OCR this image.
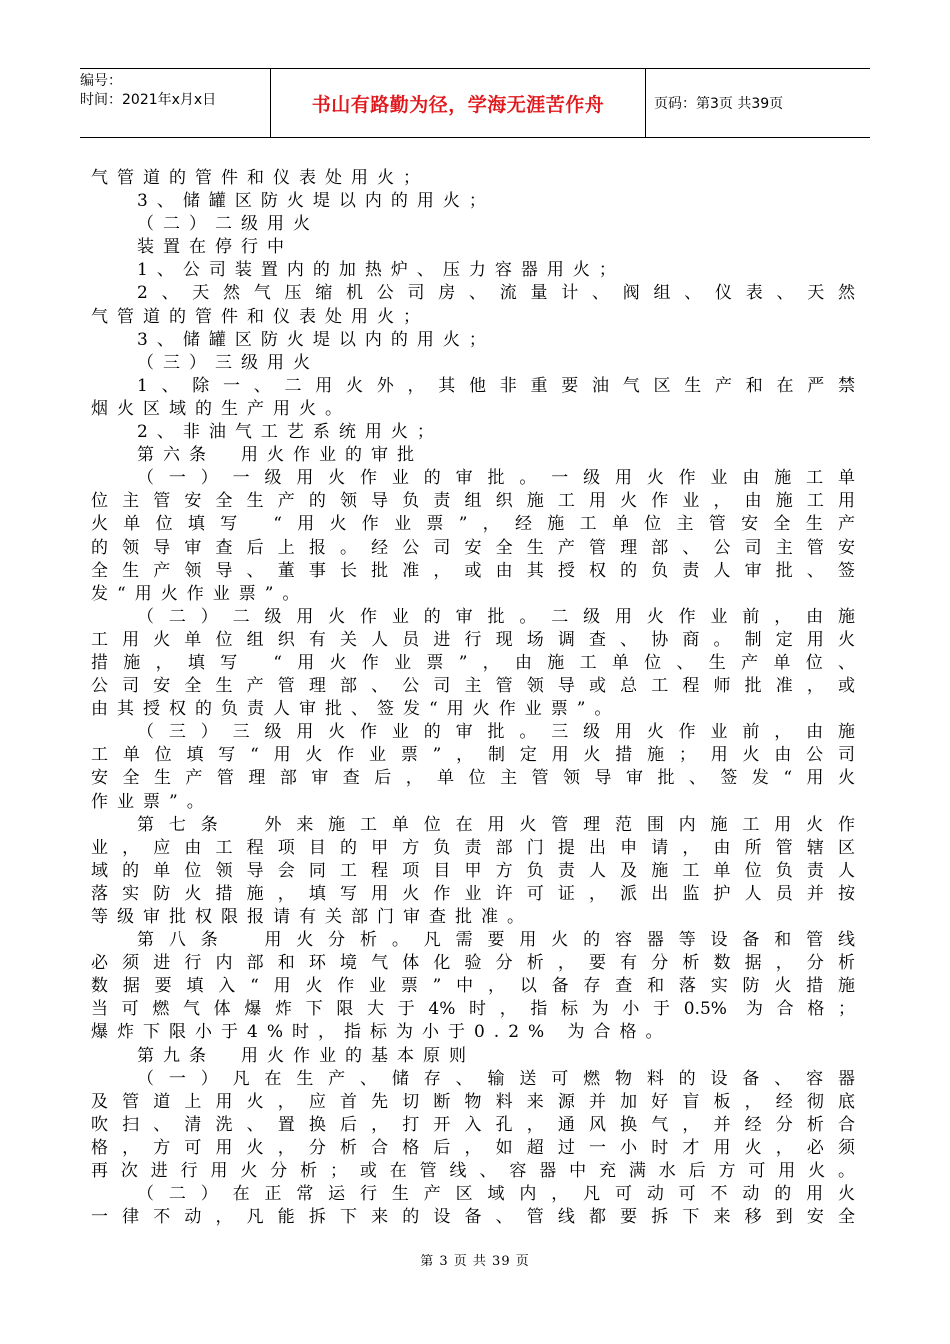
编号：
时间：2021年x月x日	书山有路勤为径，学海无涯苦作舟	页码：第3页 共39页
气管道的管件和仪表处用火；
3、储罐区防火堤以内的用火；
（二）二级用火
装置在停行中
1、公司装置内的加热炉、压力容器用火；
2、天然气压缩机公司房、流量计、阀组、仪表、天然
气管道的管件和仪表处用火；
3、储罐区防火堤以内的用火；
（三）三级用火
1、除一、二用火外，其他非重要油气区生产和在严禁
烟火区域的生产用火。
2、非油气工艺系统用火；
第六条　用火作业的审批
（一）一级用火作业的审批。一级用火作业由施工单
位主管安全生产的领导负责组织施工用火作业，由施工用
火单位填写 “用火作业票”，经施工单位主管安全生产
的领导审查后上报。经公司安全生产管理部、公司主管安
全生产领导、董事长批准，或由其授权的负责人审批、签
发“用火作业票”。
（二）二级用火作业的审批。二级用火作业前，由施
工用火单位组织有关人员进行现场调查、协商。制定用火
措施，填写 “用火作业票”，由施工单位、生产单位、
公司安全生产管理部、公司主管领导或总工程师批准，或
由其授权的负责人审批、签发“用火作业票”。
（三）三级用火作业的审批。三级用火作业前，由施
工单位填写“用火作业票”，制定用火措施；用火由公司
安全生产管理部审查后，单位主管领导审批、签发“用火
作业票”。
第七条　外来施工单位在用火管理范围内施工用火作
业，应由工程项目的甲方负责部门提出申请，由所管辖区
域的单位领导会同工程项目甲方负责人及施工单位负责人
落实防火措施，填写用火作业许可证，派出监护人员并按
等级审批权限报请有关部门审查批准。
第八条　用火分析。凡需要用火的容器等设备和管线
必须进行内部和环境气体化验分析，要有分析数据，分析
数据要填入“用火作业票”中，以备存查和落实防火措施
当可燃气体爆炸下限大于4%时，指标为小于0.5% 为合格；
爆炸下限小于4%时，指标为小于0.2% 为合格。
第九条　用火作业的基本原则
（一）凡在生产、储存、输送可燃物料的设备、容器
及管道上用火，应首先切断物料来源并加好盲板，经彻底
吹扫、清洗、置换后，打开入孔，通风换气，并经分析合
格，方可用火，分析合格后，如超过一小时才用火，必须
再次进行用火分析；或在管线、容器中充满水后方可用火。
（二）在正常运行生产区域内，凡可动可不动的用火
一律不动，凡能拆下来的设备、管线都要拆下来移到安全
第 3 页 共 39 页
